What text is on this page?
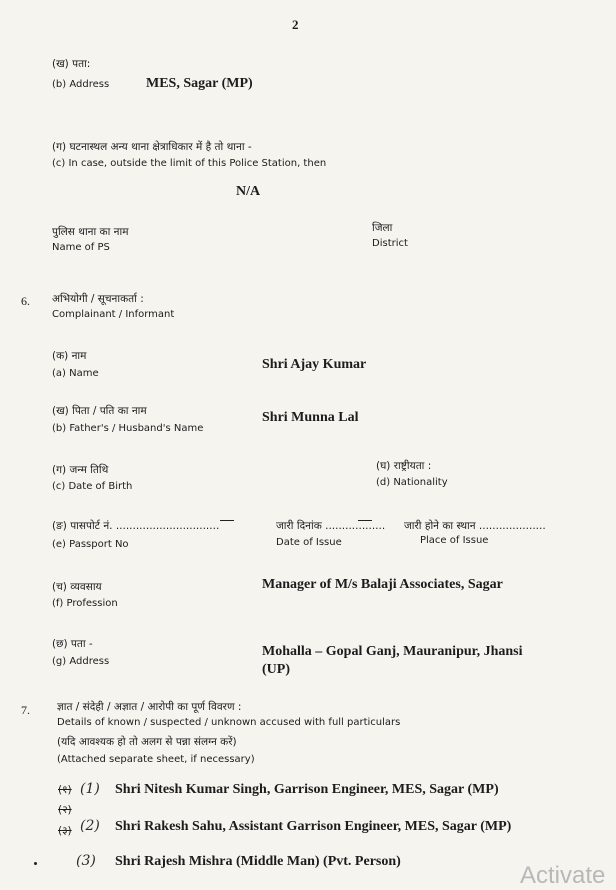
2
(ख) पता:
(b) Address	MES, Sagar (MP)
(ग) घटनास्थल अन्य थाना क्षेत्राधिकार में है तो थाना -
(c) In case, outside the limit of this Police Station, then
N/A
पुलिस थाना का नाम
Name of PS
जिला
District
6. अभियोगी / सूचनाकर्ता :
Complainant / Informant
(क) नाम
(a) Name
Shri Ajay Kumar
(ख) पिता / पति का नाम
(b) Father's / Husband's Name
Shri Munna Lal
(ग) जन्म तिथि
(c) Date of Birth
(घ) राष्ट्रीयता :
(d) Nationality
(ङ) पासपोर्ट नं. ...............................
(e) Passport No
जारी दिनांक ..................
Date of Issue
जारी होने का स्थान ....................
Place of Issue
(च) व्यवसाय
(f) Profession
Manager of M/s Balaji Associates, Sagar
(छ) पता -
(g) Address
Mohalla – Gopal Ganj, Mauranipur, Jhansi
(UP)
7.	ज्ञात / संदेही / अज्ञात / आरोपी का पूर्ण विवरण :
Details of known / suspected / unknown accused with full particulars
(यदि आवश्यक हो तो अलग से पन्ना संलग्न करें)
(Attached separate sheet, if necessary)
(१) (1) Shri Nitesh Kumar Singh, Garrison Engineer, MES, Sagar (MP)
(२)
(३) (2) Shri Rakesh Sahu, Assistant Garrison Engineer, MES, Sagar (MP)
(3) Shri Rajesh Mishra (Middle Man) (Pvt. Person)
Activate
